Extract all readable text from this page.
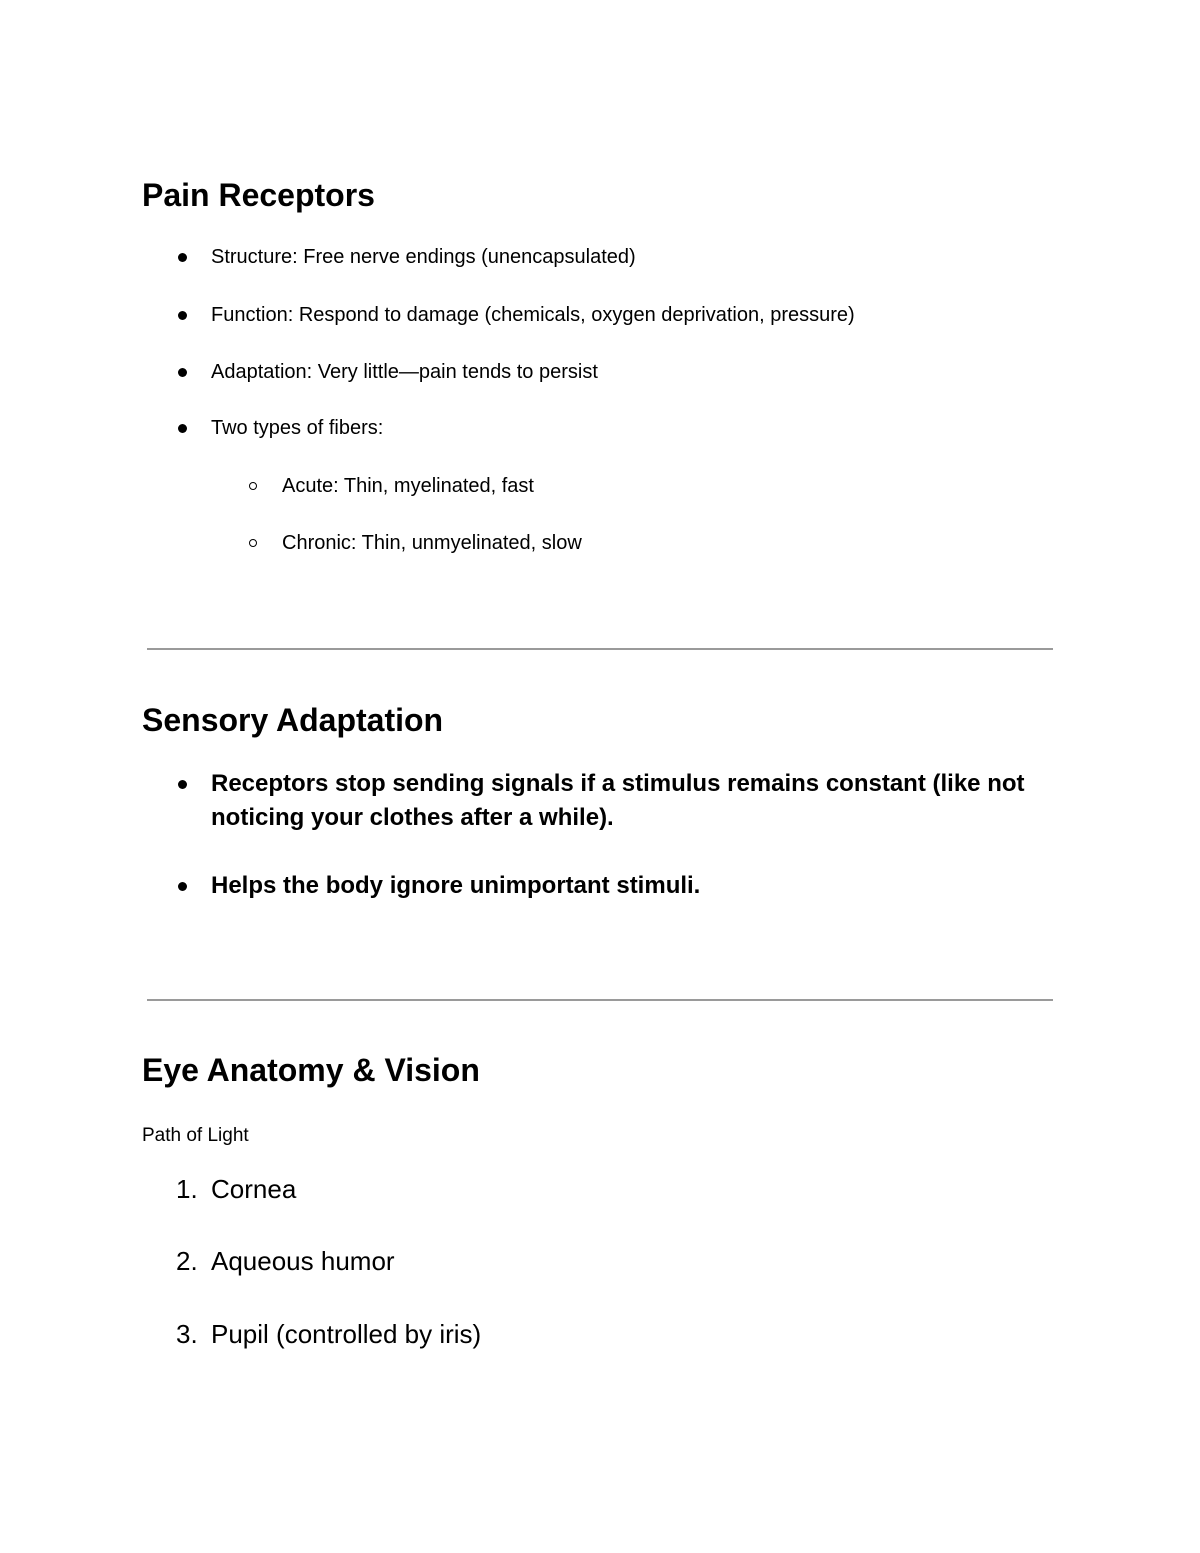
Pain Receptors
Structure: Free nerve endings (unencapsulated)
Function: Respond to damage (chemicals, oxygen deprivation, pressure)
Adaptation: Very little—pain tends to persist
Two types of fibers:
Acute: Thin, myelinated, fast
Chronic: Thin, unmyelinated, slow
Sensory Adaptation
Receptors stop sending signals if a stimulus remains constant (like not noticing your clothes after a while).
Helps the body ignore unimportant stimuli.
Eye Anatomy & Vision
Path of Light
1. Cornea
2. Aqueous humor
3. Pupil (controlled by iris)
